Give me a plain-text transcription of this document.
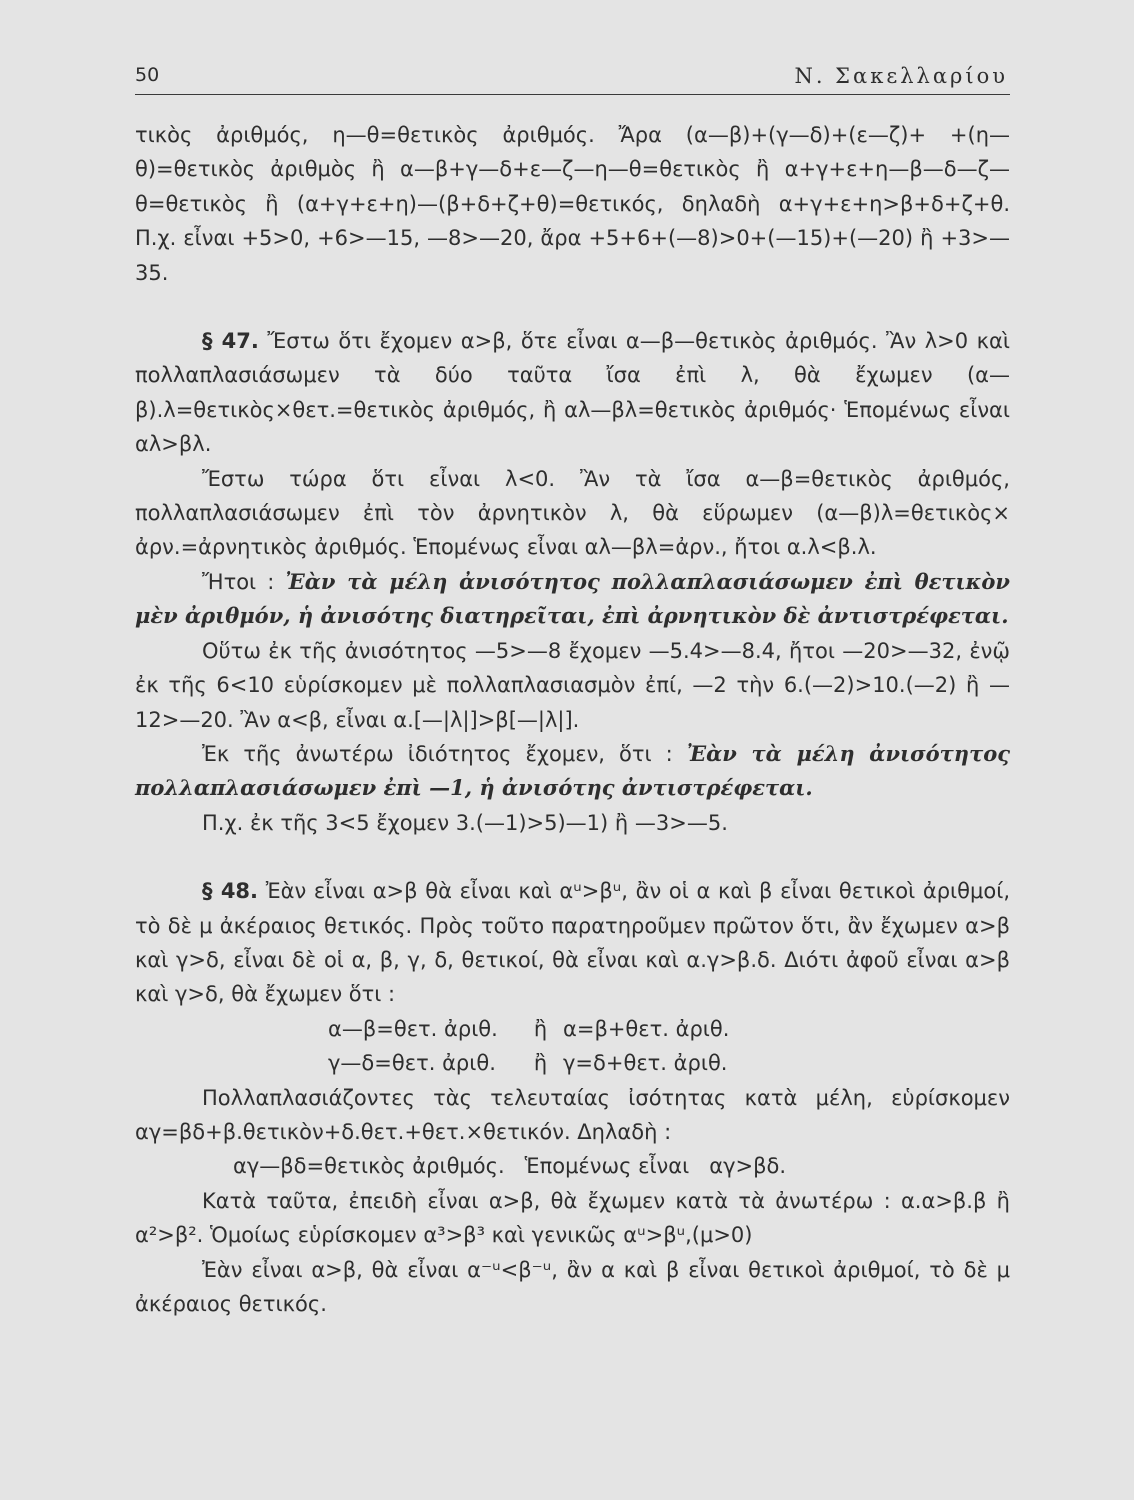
50	Ν. Σακελλαρίου

τικὸς ἀριθμός, η—θ=θετικὸς ἀριθμός. Ἄρα (α—β)+(γ—δ)+(ε—ζ)+ +(η—θ)=θετικὸς ἀριθμὸς ἢ α—β+γ—δ+ε—ζ—η—θ=θετικὸς ἢ α+γ+ε+η—β—δ—ζ—θ=θετικὸς ἢ (α+γ+ε+η)—(β+δ+ζ+θ)=θετικός, δηλαδὴ α+γ+ε+η>β+δ+ζ+θ. Π.χ. εἶναι +5>0, +6>—15, —8>—20, ἄρα +5+6+(—8)>0+(—15)+(—20) ἢ +3>—35.

§ 47. Ἔστω ὅτι ἔχομεν α>β, ὅτε εἶναι α—β—θετικὸς ἀριθμός. Ἂν λ>0 καὶ πολλαπλασιάσωμεν τὰ δύο ταῦτα ἴσα ἐπὶ λ, θὰ ἔχωμεν (α—β).λ=θετικὸς×θετ.=θετικὸς ἀριθμός, ἢ αλ—βλ=θετικὸς ἀριθμός· Ἑπομένως εἶναι αλ>βλ.

Ἔστω τώρα ὅτι εἶναι λ<0. Ἂν τὰ ἴσα α—β=θετικὸς ἀριθμός, πολλαπλασιάσωμεν ἐπὶ τὸν ἀρνητικὸν λ, θὰ εὕρωμεν (α—β)λ=θετικὸς× ἀρν.=ἀρνητικὸς ἀριθμός. Ἑπομένως εἶναι αλ—βλ=ἀρν., ἤτοι α.λ<β.λ.

Ἤτοι : Ἐὰν τὰ μέλη ἀνισότητος πολλαπλασιάσωμεν ἐπὶ θετικὸν μὲν ἀριθμόν, ἡ ἀνισότης διατηρεῖται, ἐπὶ ἀρνητικὸν δὲ ἀντιστρέφεται.

Οὕτω ἐκ τῆς ἀνισότητος —5>—8 ἔχομεν —5.4>—8.4, ἤτοι —20>—32, ἐνῷ ἐκ τῆς 6<10 εὑρίσκομεν μὲ πολλαπλασιασμὸν ἐπί, —2 τὴν 6.(—2)>10.(—2) ἢ —12>—20. Ἂν α<β, εἶναι α.[—|λ|]>β[—|λ|].

Ἐκ τῆς ἀνωτέρω ἰδιότητος ἔχομεν, ὅτι : Ἐὰν τὰ μέλη ἀνισότητος πολλαπλασιάσωμεν ἐπὶ —1, ἡ ἀνισότης ἀντιστρέφεται.

Π.χ. ἐκ τῆς 3<5 ἔχομεν 3.(—1)>5)—1) ἢ —3>—5.

§ 48. Ἐὰν εἶναι α>β θὰ εἶναι καὶ αᵘ>βᵘ, ἂν οἱ α καὶ β εἶναι θετικοὶ ἀριθμοί, τὸ δὲ μ ἀκέραιος θετικός. Πρὸς τοῦτο παρατηροῦμεν πρῶτον ὅτι, ἂν ἔχωμεν α>β καὶ γ>δ, εἶναι δὲ οἱ α, β, γ, δ, θετικοί, θὰ εἶναι καὶ α.γ>β.δ. Διότι ἀφοῦ εἶναι α>β καὶ γ>δ, θὰ ἔχωμεν ὅτι :

α—β=θετ. ἀριθ.	ἢ α=β+θετ. ἀριθ.
γ—δ=θετ. ἀριθ.	ἢ γ=δ+θετ. ἀριθ.

Πολλαπλασιάζοντες τὰς τελευταίας ἰσότητας κατὰ μέλη, εὑρίσκομεν αγ=βδ+β.θετικὸν+δ.θετ.+θετ.×θετικόν. Δηλαδὴ :

αγ—βδ=θετικὸς ἀριθμός.   Ἑπομένως εἶναι   αγ>βδ.

Κατὰ ταῦτα, ἐπειδὴ εἶναι α>β, θὰ ἔχωμεν κατὰ τὰ ἀνωτέρω : α.α>β.β ἢ α²>β². Ὁμοίως εὑρίσκομεν α³>β³ καὶ γενικῶς αᵘ>βᵘ,(μ>0)

Ἐὰν εἶναι α>β, θὰ εἶναι α⁻ᵘ<β⁻ᵘ, ἂν α καὶ β εἶναι θετικοὶ ἀριθμοί, τὸ δὲ μ ἀκέραιος θετικός.
